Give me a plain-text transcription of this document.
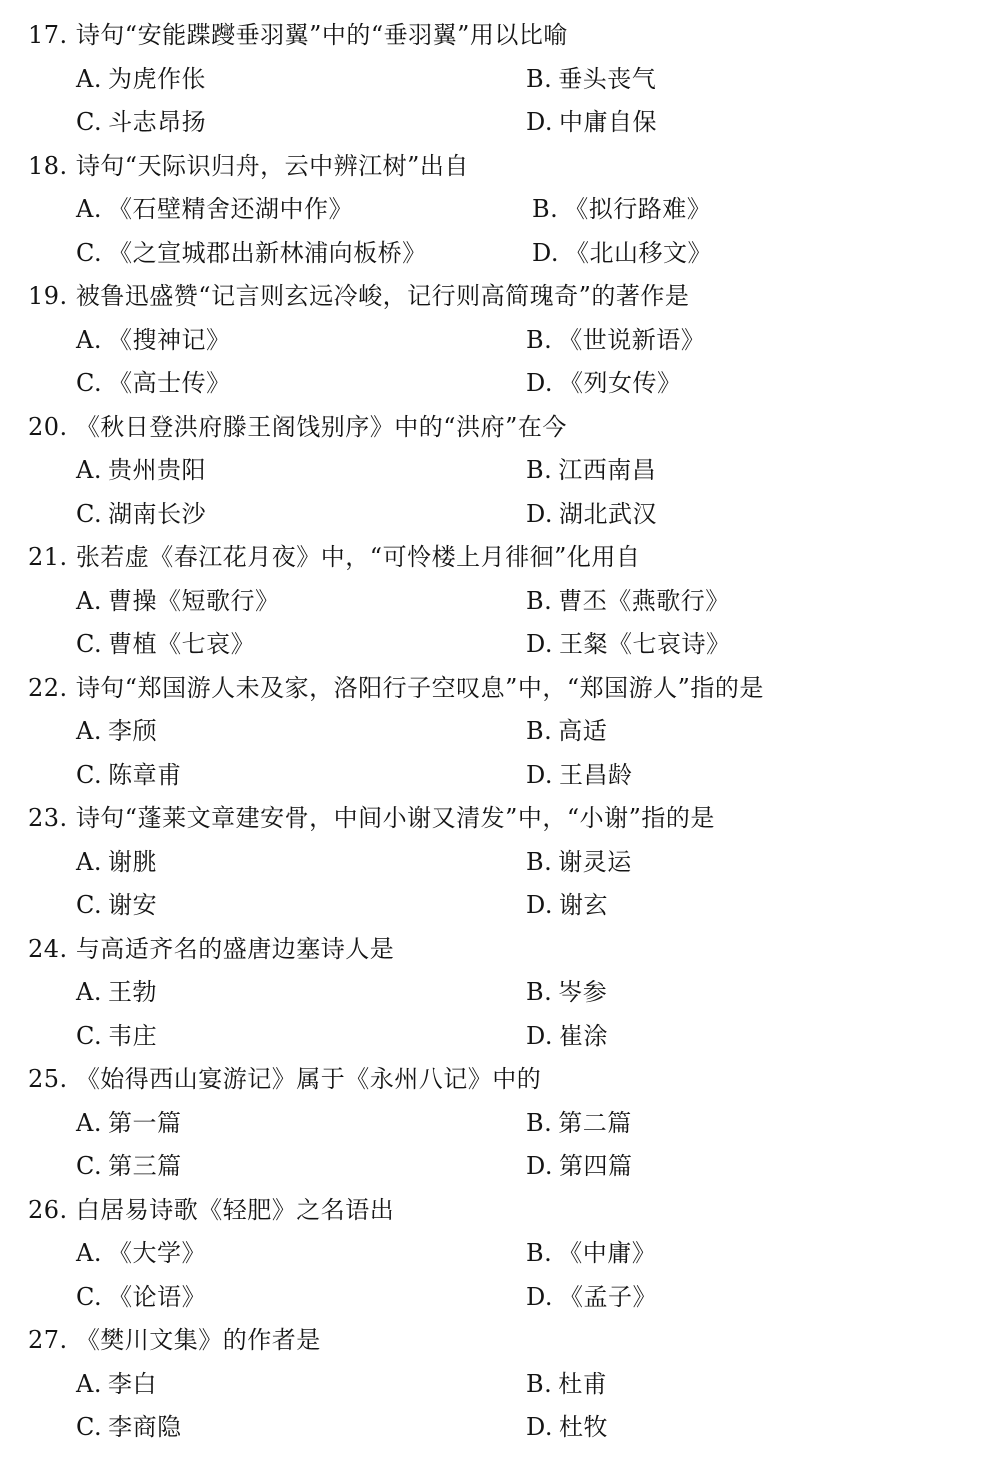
17. 诗句“安能蹀躞垂羽翼”中的“垂羽翼”用以比喻
A. 为虎作伥	B. 垂头丧气
C. 斗志昂扬	D. 中庸自保
18. 诗句“天际识归舟，云中辨江树”出自
A. 《石壁精舍还湖中作》	B. 《拟行路难》
C. 《之宣城郡出新林浦向板桥》	D. 《北山移文》
19. 被鲁迅盛赞“记言则玄远冷峻，记行则高简瑰奇”的著作是
A. 《搜神记》	B. 《世说新语》
C. 《高士传》	D. 《列女传》
20. 《秋日登洪府滕王阁饯别序》中的“洪府”在今
A. 贵州贵阳	B. 江西南昌
C. 湖南长沙	D. 湖北武汉
21. 张若虚《春江花月夜》中，“可怜楼上月徘徊”化用自
A. 曹操《短歌行》	B. 曹丕《燕歌行》
C. 曹植《七哀》	D. 王粲《七哀诗》
22. 诗句“郑国游人未及家，洛阳行子空叹息”中，“郑国游人”指的是
A. 李颀	B. 高适
C. 陈章甫	D. 王昌龄
23. 诗句“蓬莱文章建安骨，中间小谢又清发”中，“小谢”指的是
A. 谢朓	B. 谢灵运
C. 谢安	D. 谢玄
24. 与高适齐名的盛唐边塞诗人是
A. 王勃	B. 岑参
C. 韦庄	D. 崔涂
25. 《始得西山宴游记》属于《永州八记》中的
A. 第一篇	B. 第二篇
C. 第三篇	D. 第四篇
26. 白居易诗歌《轻肥》之名语出
A. 《大学》	B. 《中庸》
C. 《论语》	D. 《孟子》
27. 《樊川文集》的作者是
A. 李白	B. 杜甫
C. 李商隐	D. 杜牧
